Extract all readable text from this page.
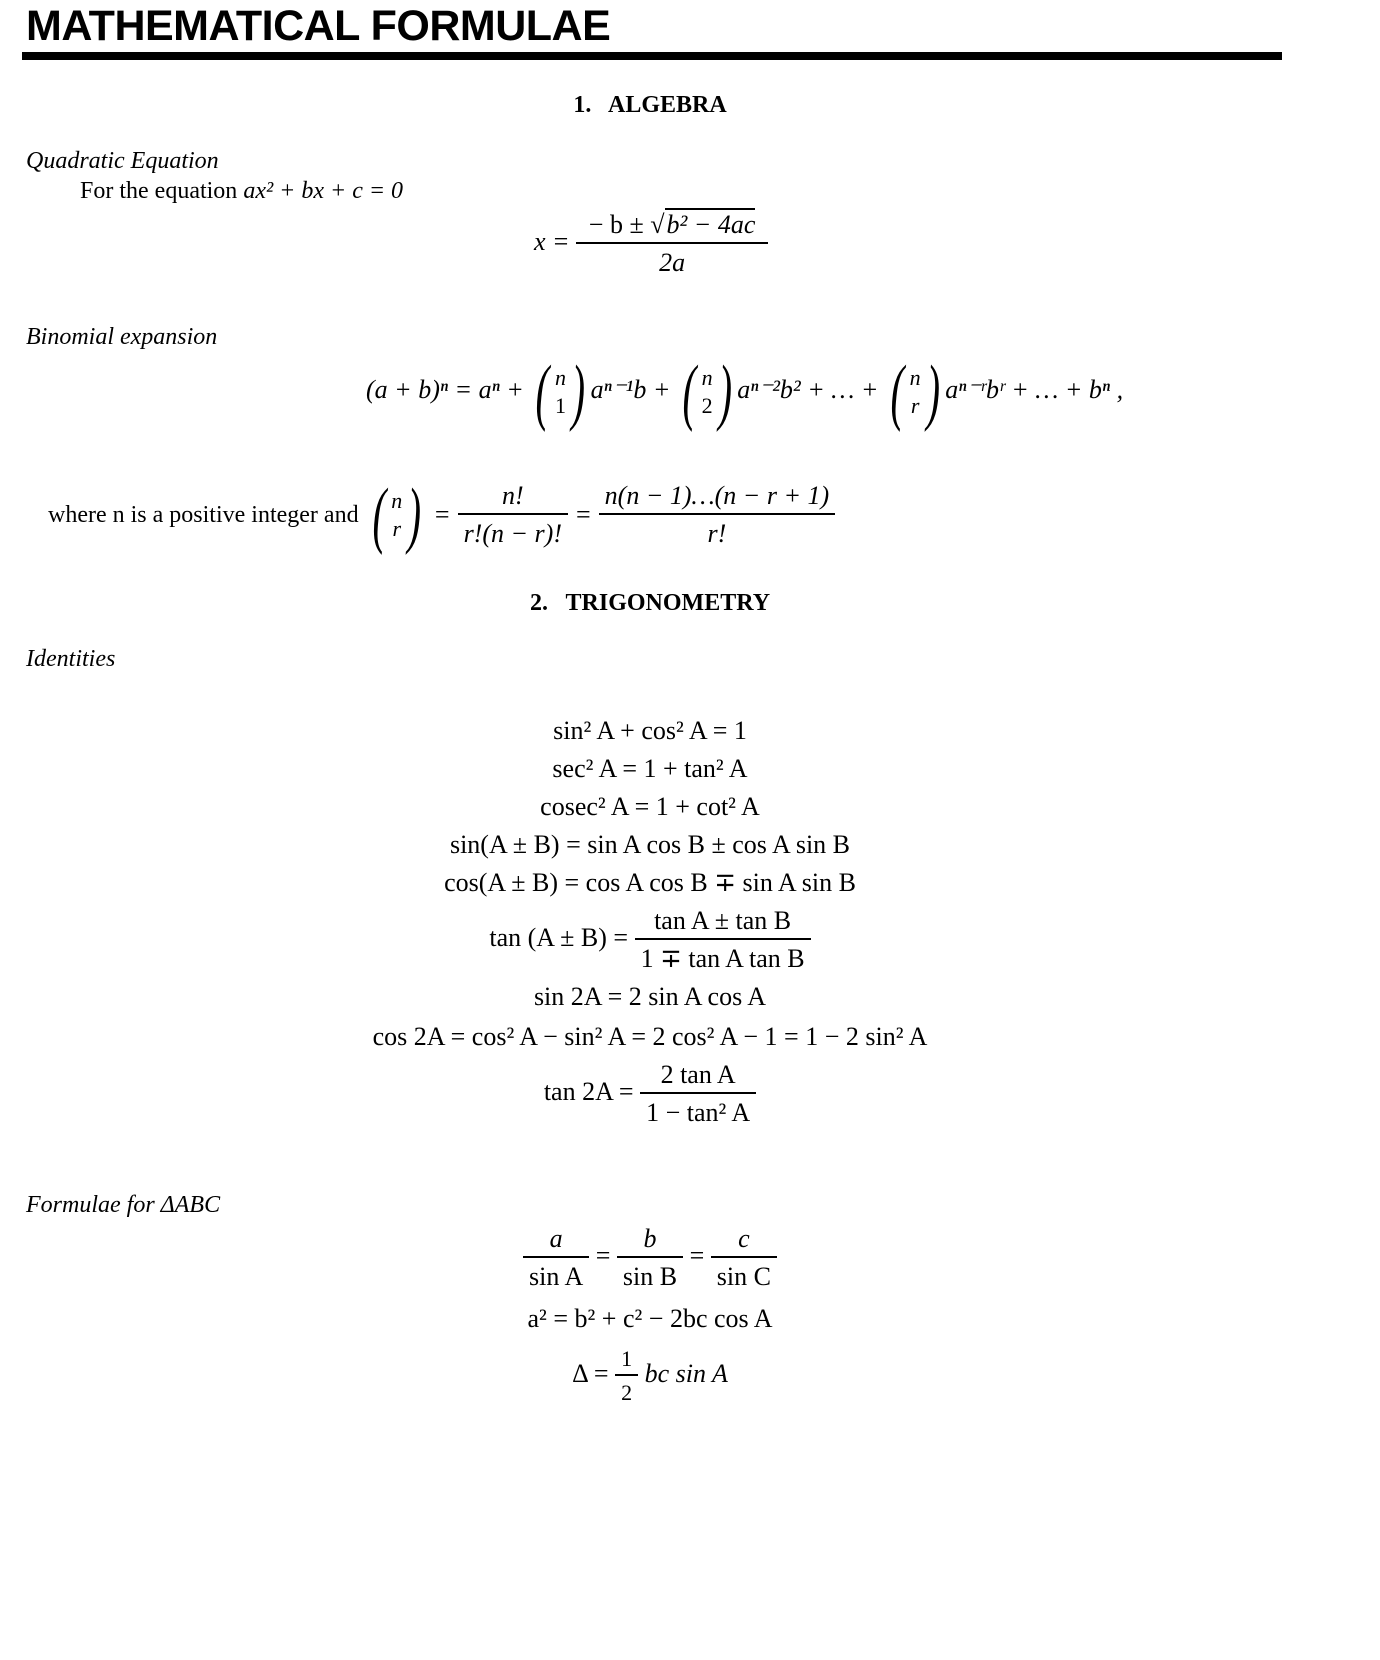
MATHEMATICAL FORMULAE
1. ALGEBRA
Quadratic Equation
For the equation ax² + bx + c = 0
$x = \frac{\text{− b ± √b² − 4ac}}{2a}$
Binomial expansion
(a + b)ⁿ = aⁿ + ( n
1 ) aⁿ⁻¹b + ( n
2 ) aⁿ⁻²b² + … + ( n
r ) aⁿ⁻ʳbʳ + … + bⁿ ,
where n is a positive integer and ( n
r ) = $\frac{n!}{r!(n - r)!} = \frac{n(n - 1)\dots(n - r + 1)}{r!}$
2. TRIGONOMETRY
Identities
sin² A + cos² A = 1
sec² A = 1 + tan² A
cosec² A = 1 + cot² A
sin(A ± B) = sin A cos B ± cos A sin B
cos(A ± B) = cos A cos B ∓ sin A sin B
$\tan (A \pm B) = \frac{\text{tan A ± tan B}}{\text{1 ∓ tan A tan B}}$
sin 2A = 2 sin A cos A
cos 2A = cos² A − sin² A = 2 cos² A − 1 = 1 − 2 sin² A
$\tan 2A = \frac{\text{2 tan A}}{\text{1 − tan² A}}$
Formulae for ΔABC
$\frac{a}{\text{sin A}} = \frac{b}{\text{sin B}} = \frac{c}{\text{sin C}}$
a² = b² + c² − 2bc cos A
$\Delta = \frac{1}{2}$ bc sin A
